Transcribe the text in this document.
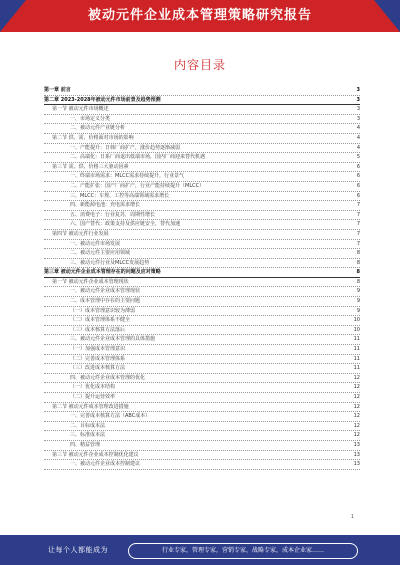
被动元件企业成本管理策略研究报告
内容目录
第一章 前言	3
第二章 2023-2028年被动元件市场前景及趋势预测	3
第一节 被动元件市场概述	3
一、市场定义分类	3
二、被动元件产业链分析	4
第二节 供、需、价格面对市场的影响	4
一、产能提升：日韩厂商扩产，涨价趋势逐渐减弱	4
二、高端化：日系厂商退出低端市场，国内厂商迎来替代机遇	5
第三节 需、供、价格三大驱动因素	6
一、终端市场需求：MLCC需求持续提升，行业景气	6
二、产能扩张：国产厂商扩产，行业产能持续提升（MLCC）	6
三、MLCC：车规、工控等高端领域需求增长	6
四、新能源电池：充电需求增长	7
五、消费电子：行业复苏，周期性增长	7
六、国产替代：政策支持及供应链安全，替代加速	7
第四节 被动元件行业发展	7
一、被动元件市场发展	7
二、被动元件主要应用领域	8
三、被动元件行业及MLCC发展趋势	8
第三章 被动元件企业成本管理存在的问题及应对策略	8
第一节 被动元件企业成本管理现状	8
一、被动元件企业成本管理现状	9
二、成本管理中存在的主要问题	9
（一）成本管理意识较为薄弱	9
（二）成本管理体系不健全	10
（三）成本核算方法落后	10
三、被动元件企业成本管理的具体措施	11
（一）加强成本管理意识	11
（二）完善成本管理体系	11
（三）改进成本核算方法	11
四、被动元件企业成本管理的优化	12
（一）优化成本结构	12
（二）提升运营效率	12
第二节 被动元件成本管理改进措施	12
一、完善成本核算方法（ABC成本）	12
二、目标成本法	12
三、标准成本法	12
四、精益管理	13
第三节 被动元件企业成本控制优化建议	13
一、被动元件企业成本控制建议	13
1
让每个人都能成为	行业专家，管理专家，营销专家，战略专家，成本企业家……
